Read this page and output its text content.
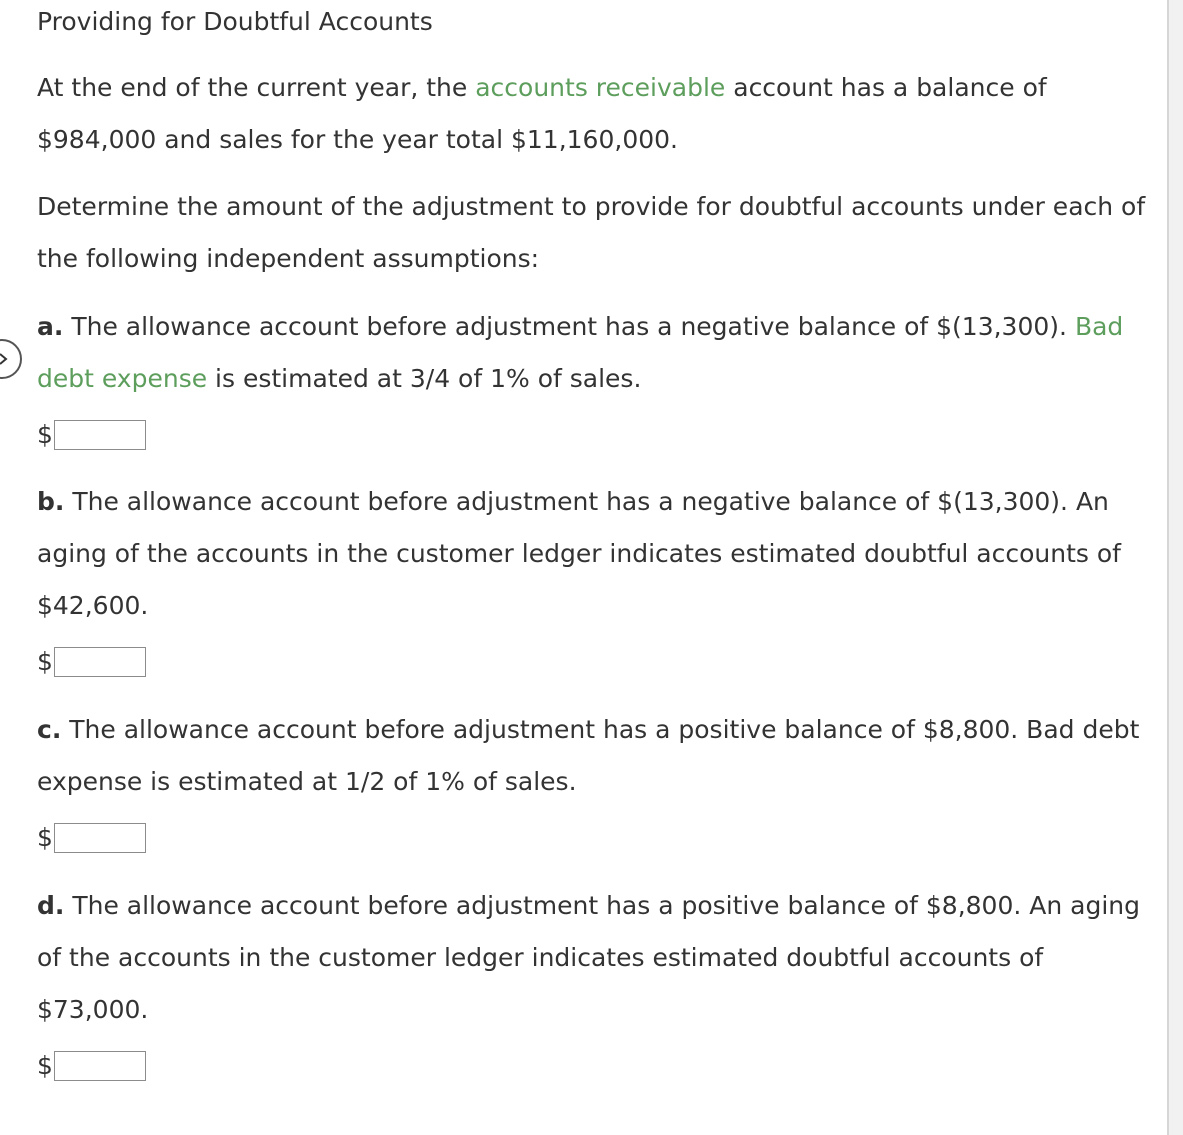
Providing for Doubtful Accounts

At the end of the current year, the accounts receivable account has a balance of $984,000 and sales for the year total $11,160,000.

Determine the amount of the adjustment to provide for doubtful accounts under each of the following independent assumptions:

a. The allowance account before adjustment has a negative balance of $(13,300). Bad debt expense is estimated at 3/4 of 1% of sales.

$

b. The allowance account before adjustment has a negative balance of $(13,300). An aging of the accounts in the customer ledger indicates estimated doubtful accounts of $42,600.

$

c. The allowance account before adjustment has a positive balance of $8,800. Bad debt expense is estimated at 1/2 of 1% of sales.

$

d. The allowance account before adjustment has a positive balance of $8,800. An aging of the accounts in the customer ledger indicates estimated doubtful accounts of $73,000.

$
